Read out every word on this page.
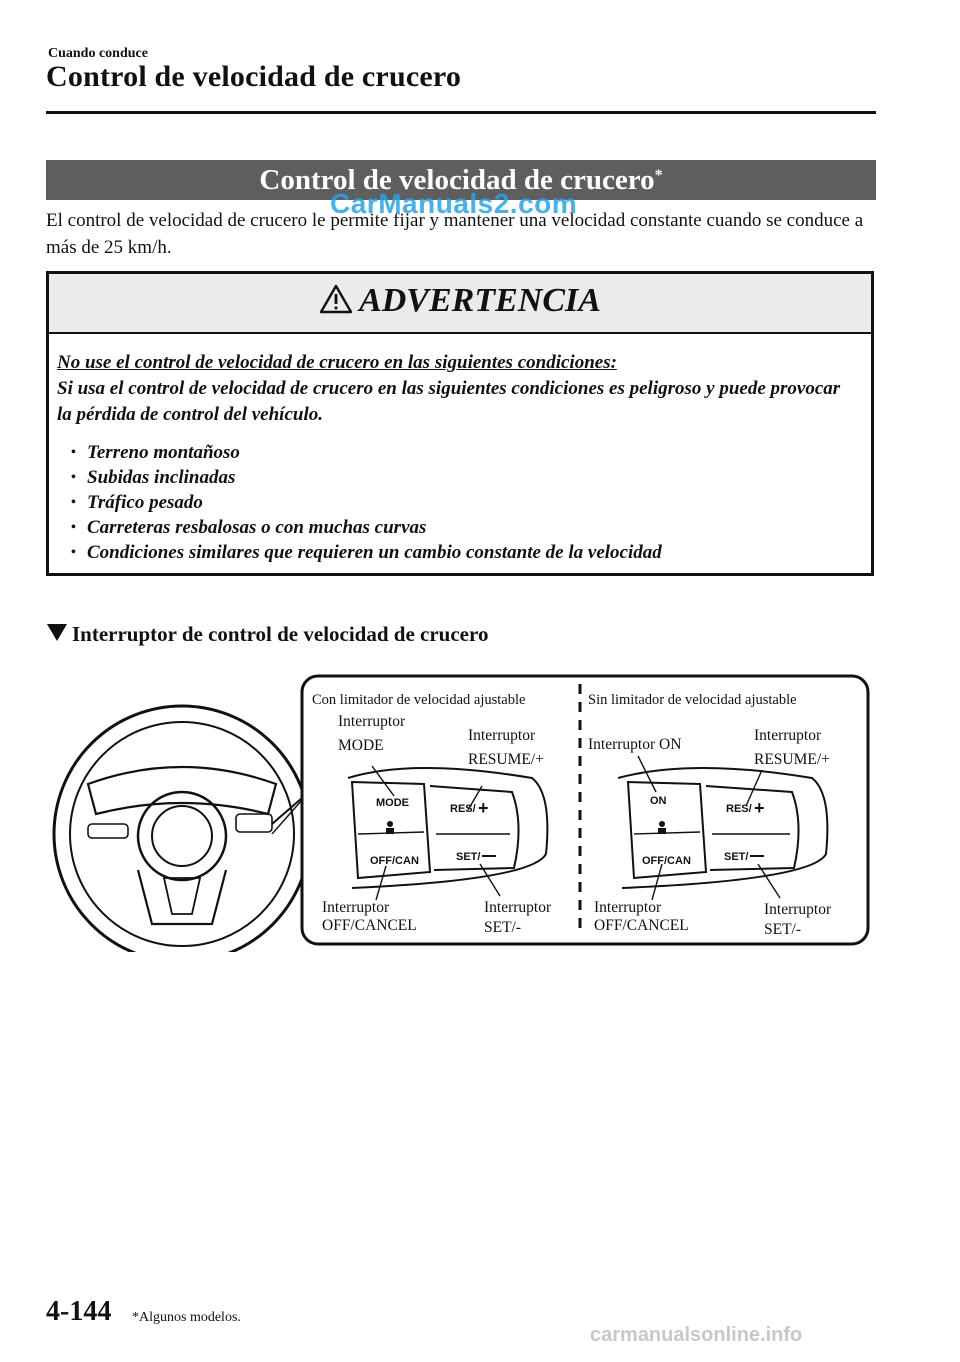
Cuando conduce
Control de velocidad de crucero
Control de velocidad de crucero*
El control de velocidad de crucero le permite fijar y mantener una velocidad constante cuando se conduce a más de 25 km/h.
CarManuals2.com
ADVERTENCIA
No use el control de velocidad de crucero en las siguientes condiciones:
Si usa el control de velocidad de crucero en las siguientes condiciones es peligroso y puede provocar la pérdida de control del vehículo.
• Terreno montañoso
• Subidas inclinadas
• Tráfico pesado
• Carreteras resbalosas o con muchas curvas
• Condiciones similares que requieren un cambio constante de la velocidad
Interruptor de control de velocidad de crucero
Con limitador de velocidad ajustable
Interruptor
MODE
Interruptor
RESUME/+
MODE	RES/ +
OFF/CAN	SET/
Interruptor
OFF/CANCEL
Interruptor
SET/-
Sin limitador de velocidad ajustable
Interruptor ON
Interruptor
RESUME/+
ON
RES/ +
OFF/CAN	SET/
Interruptor
OFF/CANCEL
Interruptor
SET/-
4-144 *Algunos modelos.
carmanualsonline.info
